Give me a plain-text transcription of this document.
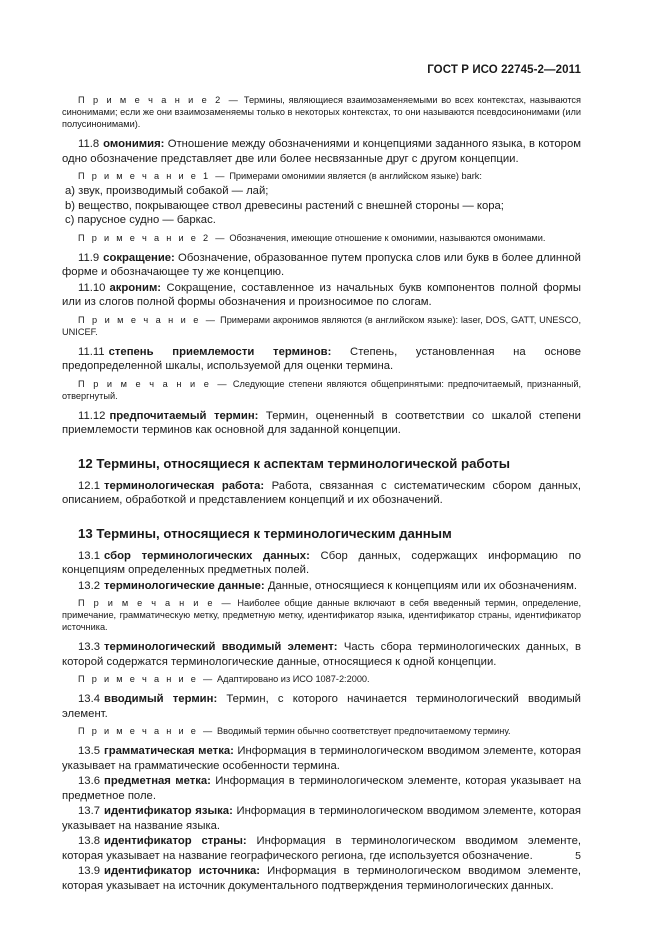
ГОСТ Р ИСО 22745-2—2011

П р и м е ч а н и е 2 — Термины, являющиеся взаимозаменяемыми во всех контекстах, называются синонимами; если же они взаимозаменяемы только в некоторых контекстах, то они называются псевдосинонимами (или полусинонимами).

11.8 омонимия: Отношение между обозначениями и концепциями заданного языка, в котором одно обозначение представляет две или более несвязанные друг с другом концепции.

П р и м е ч а н и е 1 — Примерами омонимии является (в английском языке) bark:

a) звук, производимый собакой — лай;
b) вещество, покрывающее ствол древесины растений с внешней стороны — кора;
c) парусное судно — баркас.

П р и м е ч а н и е 2 — Обозначения, имеющие отношение к омонимии, называются омонимами.

11.9 сокращение: Обозначение, образованное путем пропуска слов или букв в более длинной форме и обозначающее ту же концепцию.

11.10 акроним: Сокращение, составленное из начальных букв компонентов полной формы или из слогов полной формы обозначения и произносимое по слогам.

П р и м е ч а н и е — Примерами акронимов являются (в английском языке): laser, DOS, GATT, UNESCO, UNICEF.

11.11 степень приемлемости терминов: Степень, установленная на основе предопределенной шкалы, используемой для оценки термина.

П р и м е ч а н и е — Следующие степени являются общепринятыми: предпочитаемый, признанный, отвергнутый.

11.12 предпочитаемый термин: Термин, оцененный в соответствии со шкалой степени приемлемости терминов как основной для заданной концепции.

12 Термины, относящиеся к аспектам терминологической работы

12.1 терминологическая работа: Работа, связанная с систематическим сбором данных, описанием, обработкой и представлением концепций и их обозначений.

13 Термины, относящиеся к терминологическим данным

13.1 сбор терминологических данных: Сбор данных, содержащих информацию по концепциям определенных предметных полей.

13.2 терминологические данные: Данные, относящиеся к концепциям или их обозначениям.

П р и м е ч а н и е — Наиболее общие данные включают в себя введенный термин, определение, примечание, грамматическую метку, предметную метку, идентификатор языка, идентификатор страны, идентификатор источника.

13.3 терминологический вводимый элемент: Часть сбора терминологических данных, в которой содержатся терминологические данные, относящиеся к одной концепции.

П р и м е ч а н и е — Адаптировано из ИСО 1087-2:2000.

13.4 вводимый термин: Термин, с которого начинается терминологический вводимый элемент.

П р и м е ч а н и е — Вводимый термин обычно соответствует предпочитаемому термину.

13.5 грамматическая метка: Информация в терминологическом вводимом элементе, которая указывает на грамматические особенности термина.

13.6 предметная метка: Информация в терминологическом элементе, которая указывает на предметное поле.

13.7 идентификатор языка: Информация в терминологическом вводимом элементе, которая указывает на название языка.

13.8 идентификатор страны: Информация в терминологическом вводимом элементе, которая указывает на название географического региона, где используется обозначение.

13.9 идентификатор источника: Информация в терминологическом вводимом элементе, которая указывает на источник документального подтверждения терминологических данных.

5
